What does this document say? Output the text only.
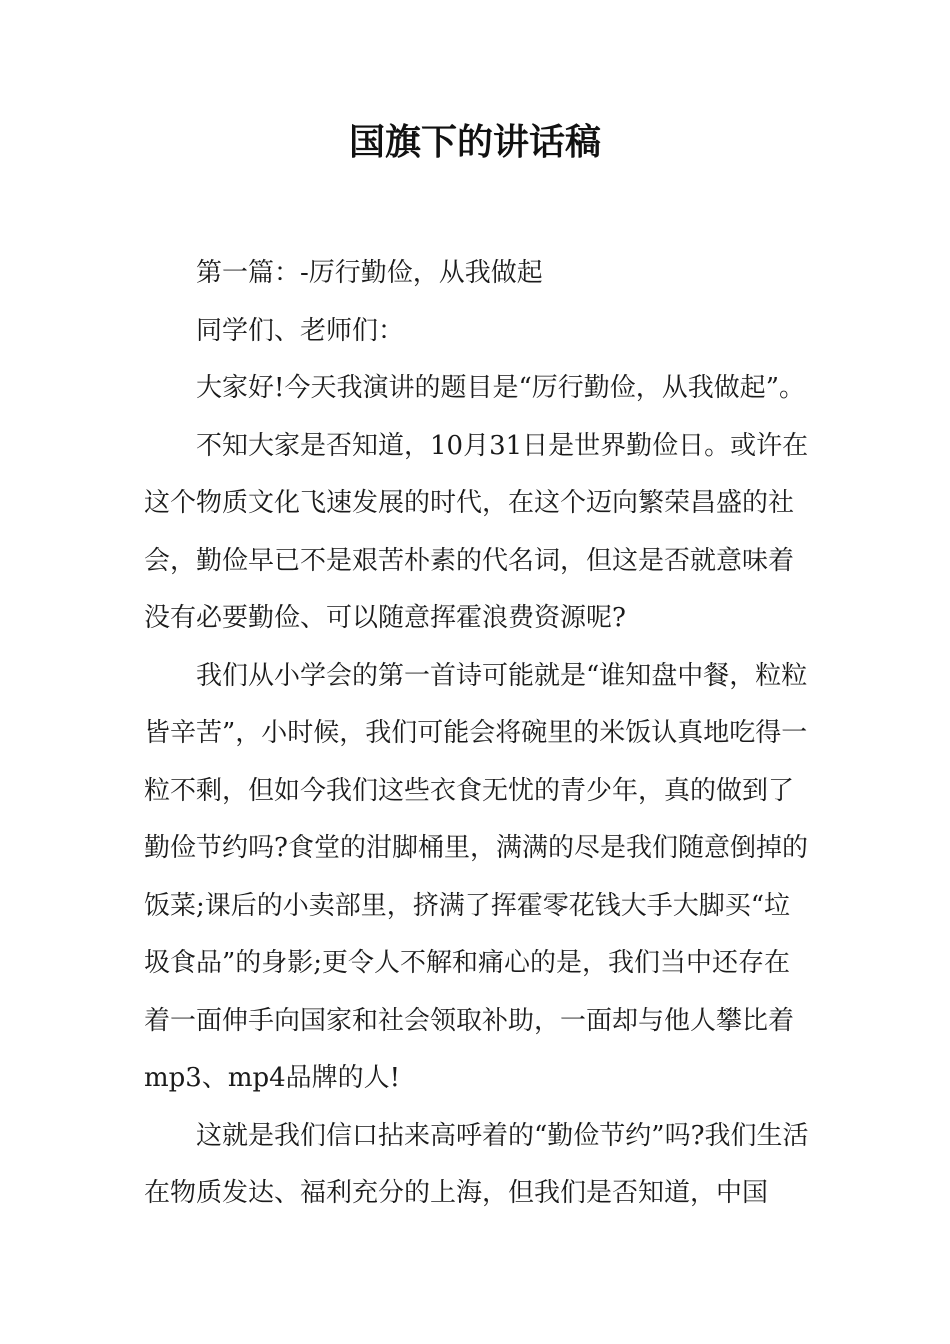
国旗下的讲话稿

第一篇：-厉行勤俭，从我做起

同学们、老师们：

大家好!今天我演讲的题目是“厉行勤俭，从我做起”。

不知大家是否知道，10月31日是世界勤俭日。或许在这个物质文化飞速发展的时代，在这个迈向繁荣昌盛的社会，勤俭早已不是艰苦朴素的代名词，但这是否就意味着没有必要勤俭、可以随意挥霍浪费资源呢?

我们从小学会的第一首诗可能就是“谁知盘中餐，粒粒皆辛苦”，小时候，我们可能会将碗里的米饭认真地吃得一粒不剩，但如今我们这些衣食无忧的青少年，真的做到了勤俭节约吗?食堂的泔脚桶里，满满的尽是我们随意倒掉的饭菜;课后的小卖部里，挤满了挥霍零花钱大手大脚买“垃圾食品”的身影;更令人不解和痛心的是，我们当中还存在着一面伸手向国家和社会领取补助，一面却与他人攀比着mp3、mp4品牌的人!

这就是我们信口拈来高呼着的“勤俭节约”吗?我们生活在物质发达、福利充分的上海，但我们是否知道，中国
